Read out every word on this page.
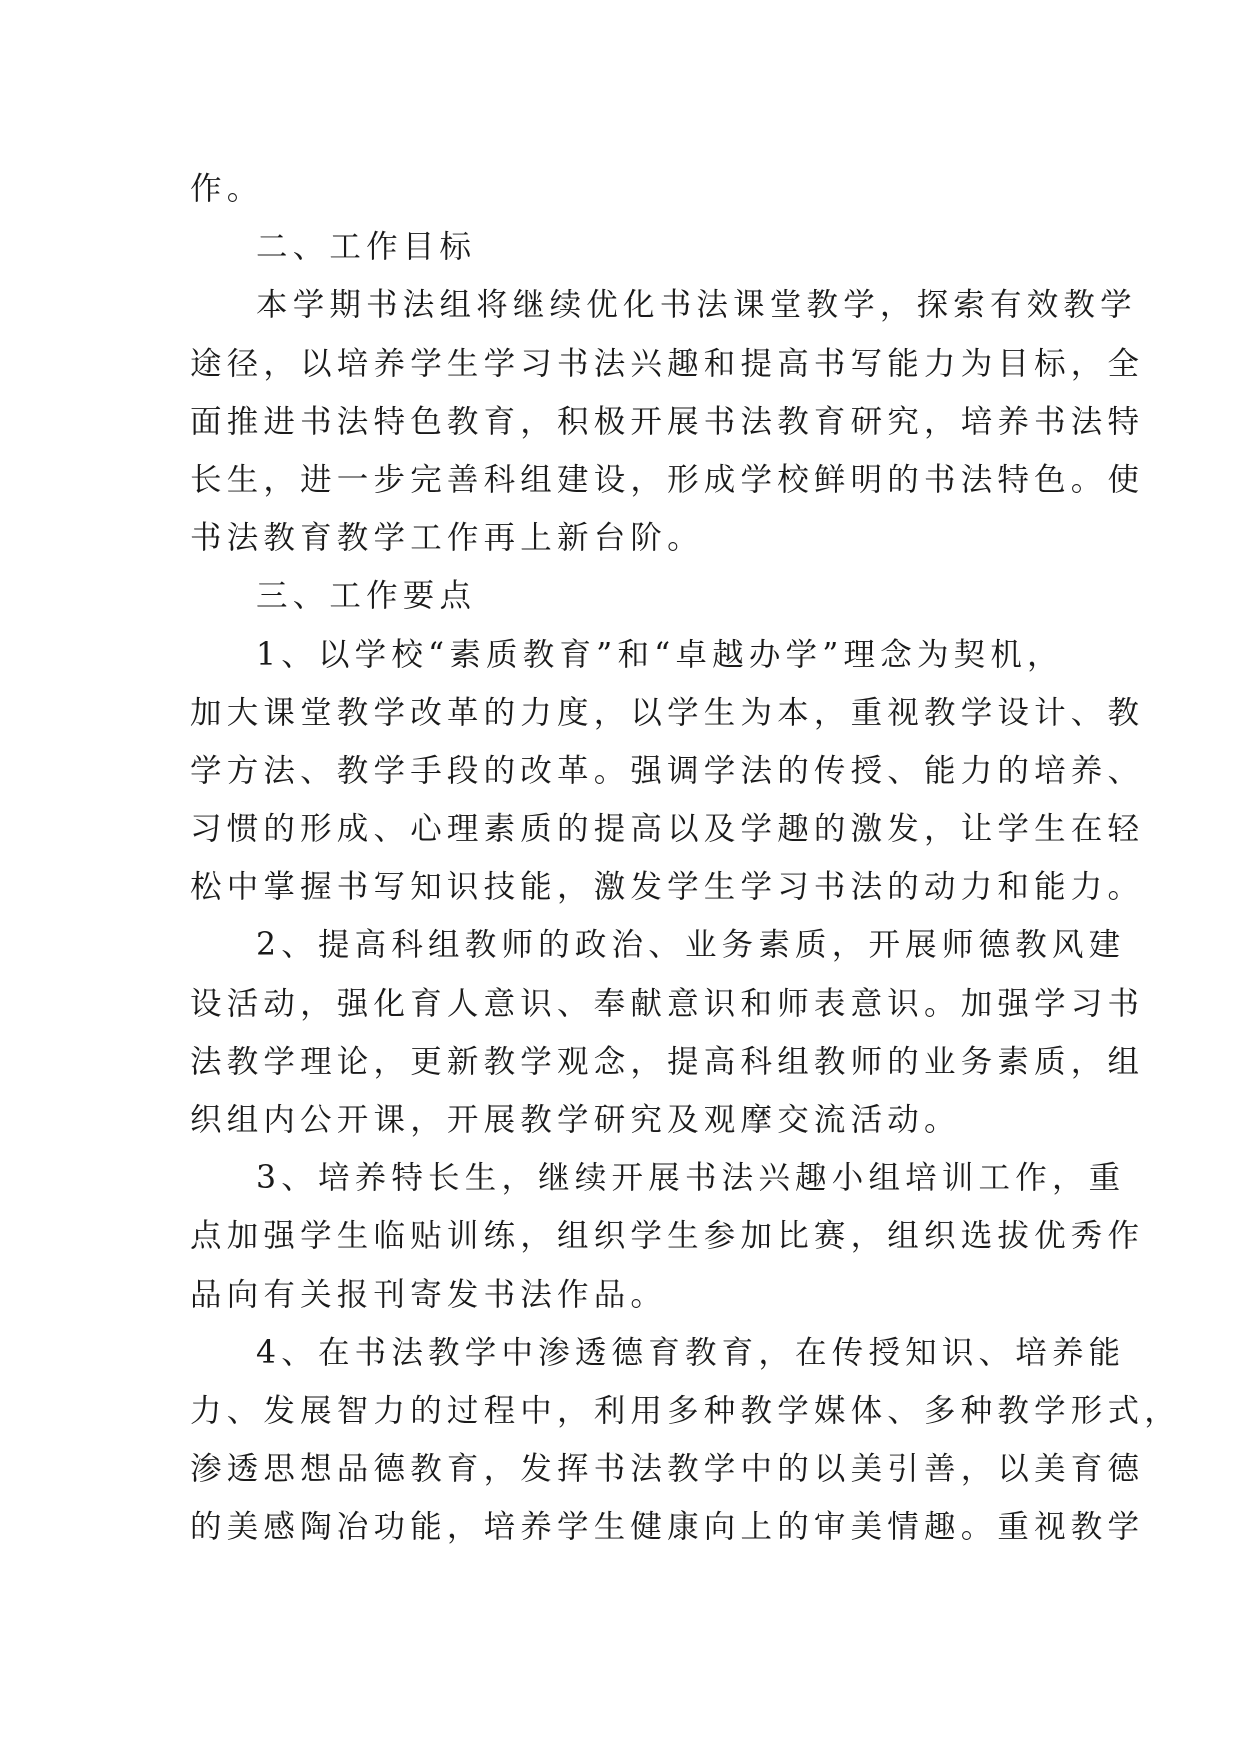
作。
二、工作目标
本学期书法组将继续优化书法课堂教学，探索有效教学
途径，以培养学生学习书法兴趣和提高书写能力为目标，全
面推进书法特色教育，积极开展书法教育研究，培养书法特
长生，进一步完善科组建设，形成学校鲜明的书法特色。使
书法教育教学工作再上新台阶。
三、工作要点
1、以学校“素质教育”和“卓越办学”理念为契机，
加大课堂教学改革的力度，以学生为本，重视教学设计、教
学方法、教学手段的改革。强调学法的传授、能力的培养、
习惯的形成、心理素质的提高以及学趣的激发，让学生在轻
松中掌握书写知识技能，激发学生学习书法的动力和能力。
2、提高科组教师的政治、业务素质，开展师德教风建
设活动，强化育人意识、奉献意识和师表意识。加强学习书
法教学理论，更新教学观念，提高科组教师的业务素质，组
织组内公开课，开展教学研究及观摩交流活动。
3、培养特长生，继续开展书法兴趣小组培训工作，重
点加强学生临贴训练，组织学生参加比赛，组织选拔优秀作
品向有关报刊寄发书法作品。
4、在书法教学中渗透德育教育，在传授知识、培养能
力、发展智力的过程中，利用多种教学媒体、多种教学形式，
渗透思想品德教育，发挥书法教学中的以美引善，以美育德
的美感陶冶功能，培养学生健康向上的审美情趣。重视教学
